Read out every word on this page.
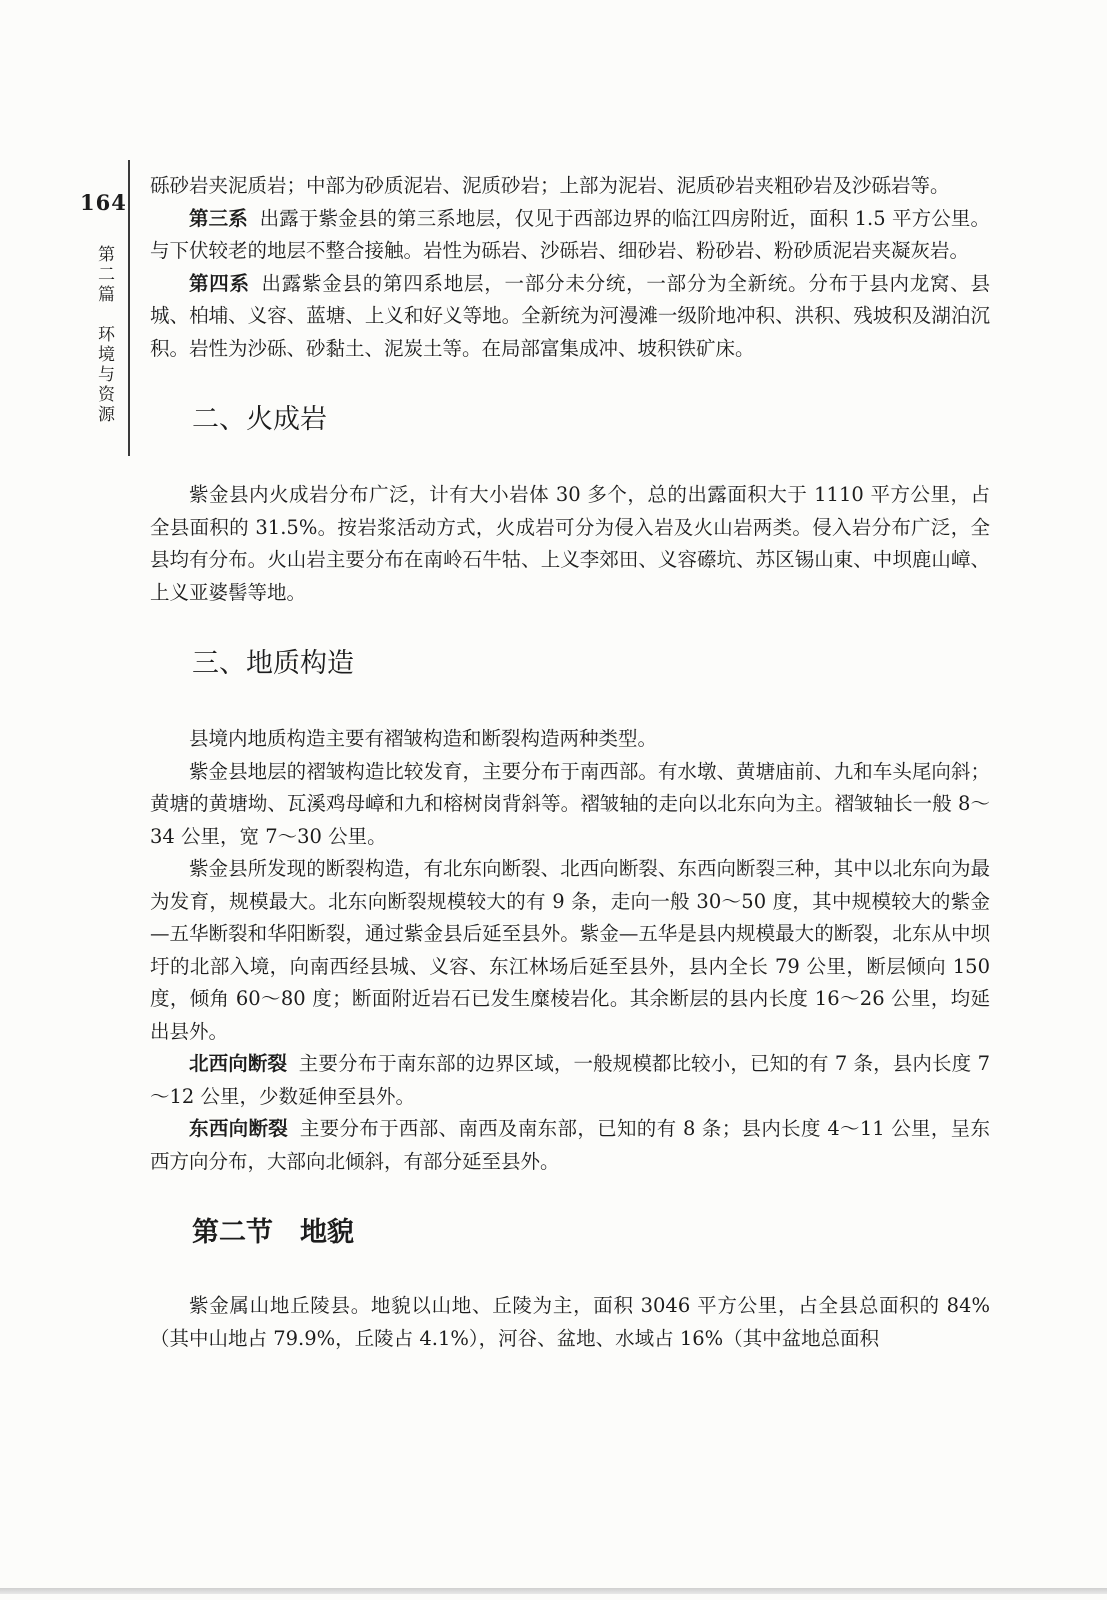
164
第二篇　环境与资源

砾砂岩夹泥质岩；中部为砂质泥岩、泥质砂岩；上部为泥岩、泥质砂岩夹粗砂岩及沙砾岩等。

第三系 出露于紫金县的第三系地层，仅见于西部边界的临江四房附近，面积 1.5 平方公里。与下伏较老的地层不整合接触。岩性为砾岩、沙砾岩、细砂岩、粉砂岩、粉砂质泥岩夹凝灰岩。

第四系 出露紫金县的第四系地层，一部分未分统，一部分为全新统。分布于县内龙窝、县城、柏埔、义容、蓝塘、上义和好义等地。全新统为河漫滩一级阶地冲积、洪积、残坡积及湖泊沉积。岩性为沙砾、砂黏土、泥炭土等。在局部富集成冲、坡积铁矿床。

二、火成岩

紫金县内火成岩分布广泛，计有大小岩体 30 多个，总的出露面积大于 1110 平方公里，占全县面积的 31.5%。按岩浆活动方式，火成岩可分为侵入岩及火山岩两类。侵入岩分布广泛，全县均有分布。火山岩主要分布在南岭石牛牯、上义李郊田、义容礤坑、苏区锡山東、中坝鹿山嶂、上义亚婆髻等地。

三、地质构造

县境内地质构造主要有褶皱构造和断裂构造两种类型。

紫金县地层的褶皱构造比较发育，主要分布于南西部。有水墩、黄塘庙前、九和车头尾向斜；黄塘的黄塘坳、瓦溪鸡母嶂和九和榕树岗背斜等。褶皱轴的走向以北东向为主。褶皱轴长一般 8～34 公里，宽 7～30 公里。

紫金县所发现的断裂构造，有北东向断裂、北西向断裂、东西向断裂三种，其中以北东向为最为发育，规模最大。北东向断裂规模较大的有 9 条，走向一般 30～50 度，其中规模较大的紫金—五华断裂和华阳断裂，通过紫金县后延至县外。紫金—五华是县内规模最大的断裂，北东从中坝圩的北部入境，向南西经县城、义容、东江林场后延至县外，县内全长 79 公里，断层倾向 150 度，倾角 60～80 度；断面附近岩石已发生糜棱岩化。其余断层的县内长度 16～26 公里，均延出县外。

北西向断裂 主要分布于南东部的边界区域，一般规模都比较小，已知的有 7 条，县内长度 7～12 公里，少数延伸至县外。

东西向断裂 主要分布于西部、南西及南东部，已知的有 8 条；县内长度 4～11 公里，呈东西方向分布，大部向北倾斜，有部分延至县外。

第二节　地貌

紫金属山地丘陵县。地貌以山地、丘陵为主，面积 3046 平方公里，占全县总面积的 84%（其中山地占 79.9%，丘陵占 4.1%），河谷、盆地、水域占 16%（其中盆地总面积
